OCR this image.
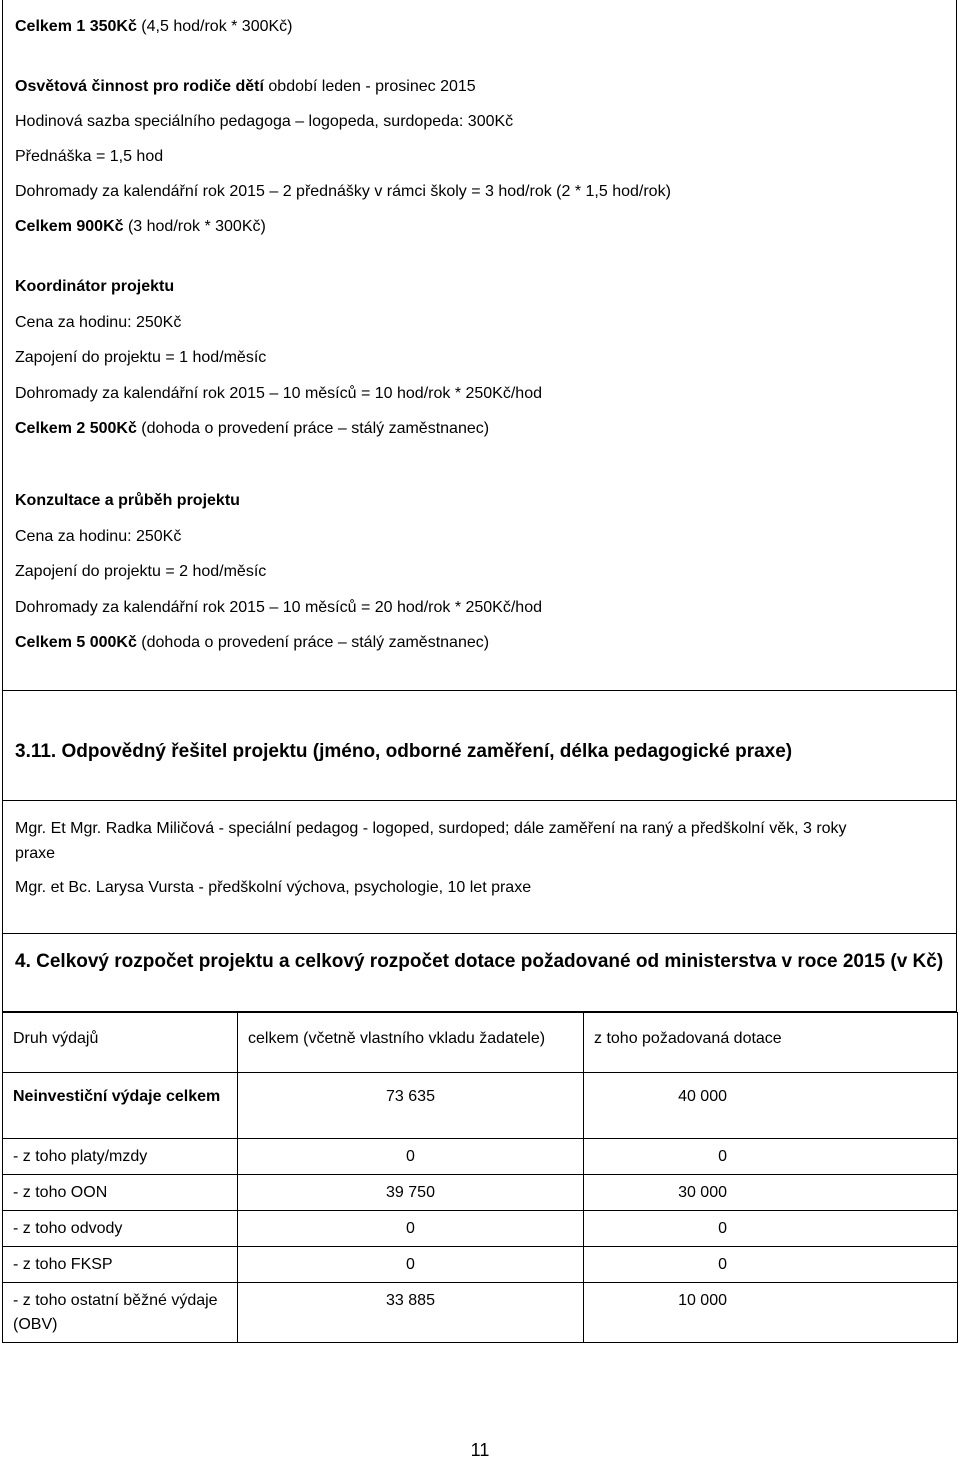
Celkem 1 350Kč (4,5 hod/rok * 300Kč)
Osvětová činnost pro rodiče dětí období leden - prosinec 2015
Hodinová sazba speciálního pedagoga – logopeda, surdopeda: 300Kč
Přednáška = 1,5 hod
Dohromady za kalendářní rok 2015 – 2 přednášky v rámci školy = 3 hod/rok (2 * 1,5 hod/rok)
Celkem 900Kč (3 hod/rok * 300Kč)
Koordinátor projektu
Cena za hodinu: 250Kč
Zapojení do projektu = 1 hod/měsíc
Dohromady za kalendářní rok 2015 – 10 měsíců = 10 hod/rok * 250Kč/hod
Celkem 2 500Kč (dohoda o provedení práce – stálý zaměstnanec)
Konzultace a průběh projektu
Cena za hodinu: 250Kč
Zapojení do projektu = 2 hod/měsíc
Dohromady za kalendářní rok 2015 – 10 měsíců = 20 hod/rok * 250Kč/hod
Celkem 5 000Kč (dohoda o provedení práce – stálý zaměstnanec)
3.11. Odpovědný řešitel projektu (jméno, odborné zaměření, délka pedagogické praxe)
Mgr. Et Mgr. Radka Miličová - speciální pedagog - logoped, surdoped; dále zaměření na raný a předškolní věk, 3 roky
praxe
Mgr. et Bc. Larysa Vursta - předškolní výchova, psychologie, 10 let praxe
4. Celkový rozpočet projektu a celkový rozpočet dotace požadované od ministerstva v roce 2015 (v Kč)
Druh výdajů	celkem (včetně vlastního vkladu žadatele)	z toho požadovaná dotace
Neinvestiční výdaje celkem	73 635	40 000
- z toho platy/mzdy	0	0
- z toho OON	39 750	30 000
- z toho odvody	0	0
- z toho FKSP	0	0
- z toho ostatní běžné výdaje (OBV)	33 885	10 000
11
